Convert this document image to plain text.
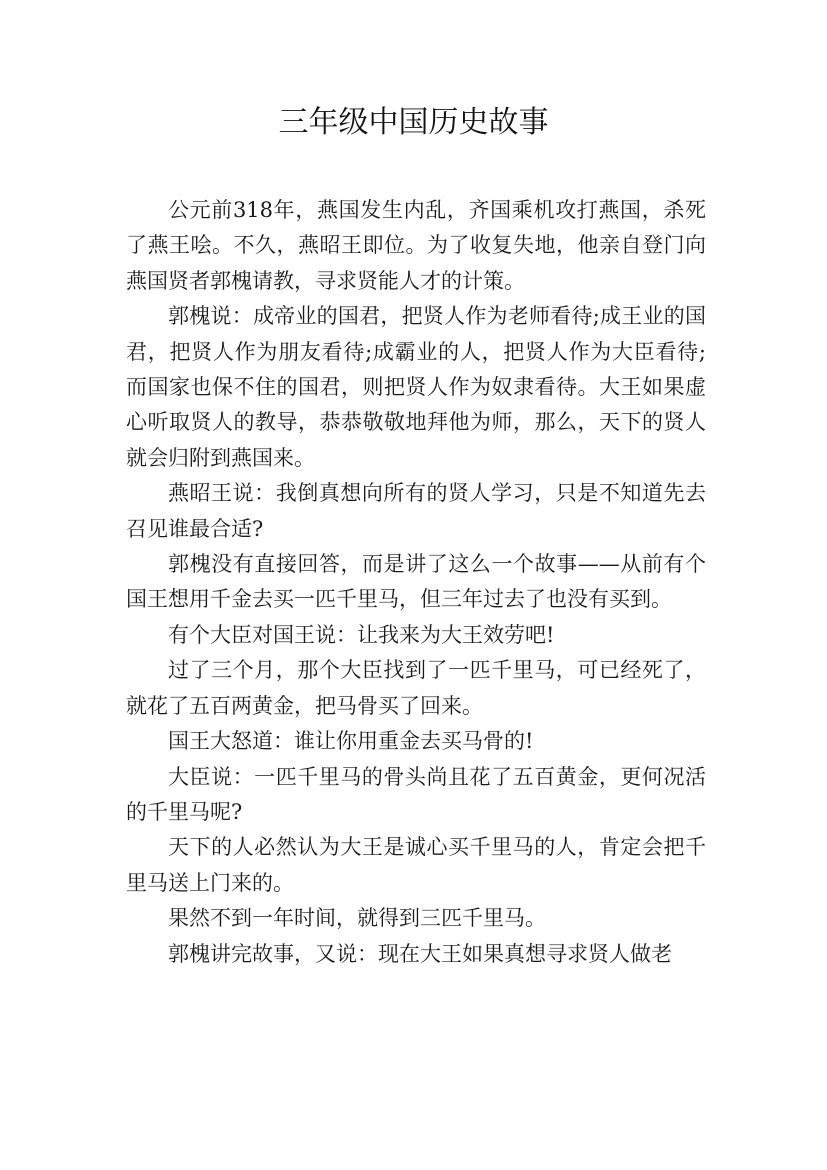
三年级中国历史故事

公元前318年，燕国发生内乱，齐国乘机攻打燕国，杀死了燕王哙。不久，燕昭王即位。为了收复失地，他亲自登门向燕国贤者郭槐请教，寻求贤能人才的计策。

郭槐说：成帝业的国君，把贤人作为老师看待;成王业的国君，把贤人作为朋友看待;成霸业的人，把贤人作为大臣看待;而国家也保不住的国君，则把贤人作为奴隶看待。大王如果虚心听取贤人的教导，恭恭敬敬地拜他为师，那么，天下的贤人就会归附到燕国来。

燕昭王说：我倒真想向所有的贤人学习，只是不知道先去召见谁最合适?

郭槐没有直接回答，而是讲了这么一个故事——从前有个国王想用千金去买一匹千里马，但三年过去了也没有买到。

有个大臣对国王说：让我来为大王效劳吧!

过了三个月，那个大臣找到了一匹千里马，可已经死了，就花了五百两黄金，把马骨买了回来。

国王大怒道：谁让你用重金去买马骨的!

大臣说：一匹千里马的骨头尚且花了五百黄金，更何况活的千里马呢?

天下的人必然认为大王是诚心买千里马的人，肯定会把千里马送上门来的。

果然不到一年时间，就得到三匹千里马。

郭槐讲完故事，又说：现在大王如果真想寻求贤人做老
